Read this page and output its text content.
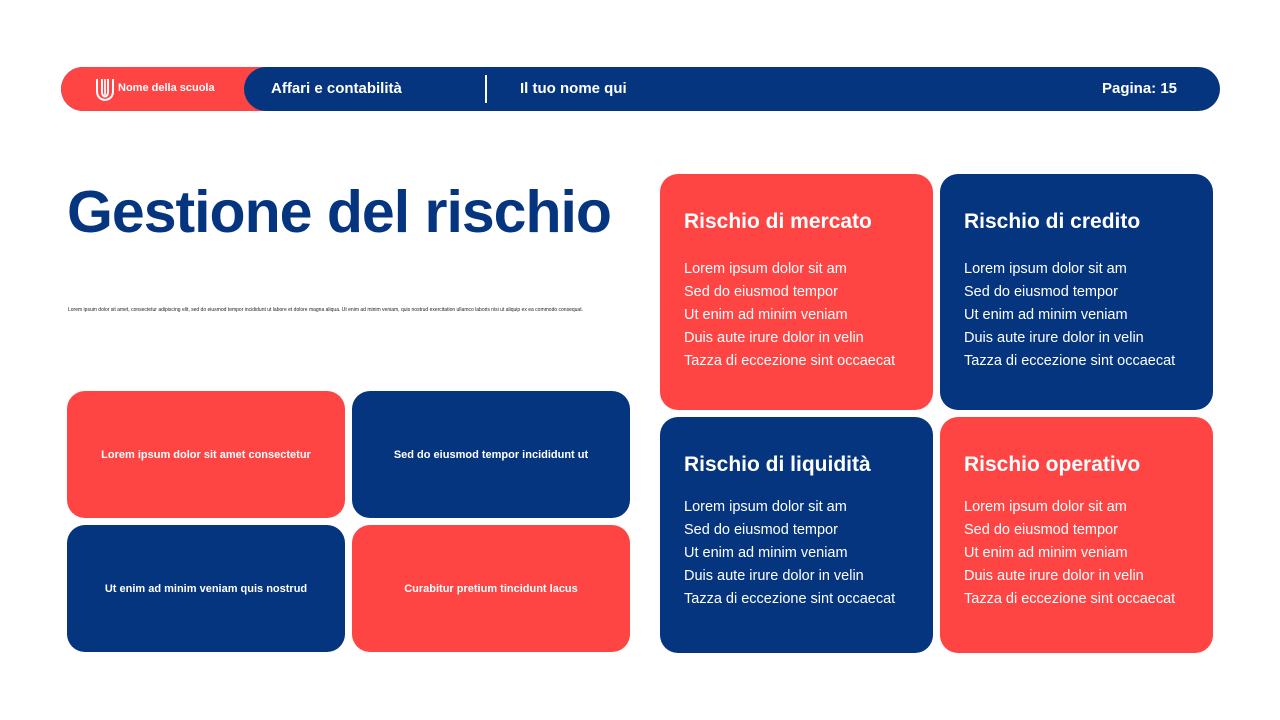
Nome della scuola	Affari e contabilità	Il tuo nome qui	Pagina: 15
Gestione del rischio

Lorem ipsum dolor sit amet, consectetur adipiscing elit, sed do eiusmod tempor incididunt ut labore et dolore magna aliqua. Ut enim ad minim veniam, quis nostrud exercitation ullamco laboris nisi ut aliquip ex ea commodo consequat.

Lorem ipsum dolor sit amet consectetur	Sed do eiusmod tempor incididunt ut
Ut enim ad minim veniam quis nostrud	Curabitur pretium tincidunt lacus
Rischio di mercato
Lorem ipsum dolor sit am
Sed do eiusmod tempor
Ut enim ad minim veniam
Duis aute irure dolor in velin
Tazza di eccezione sint occaecat
Rischio di credito
Lorem ipsum dolor sit am
Sed do eiusmod tempor
Ut enim ad minim veniam
Duis aute irure dolor in velin
Tazza di eccezione sint occaecat
Rischio di liquidità
Lorem ipsum dolor sit am
Sed do eiusmod tempor
Ut enim ad minim veniam
Duis aute irure dolor in velin
Tazza di eccezione sint occaecat
Rischio operativo
Lorem ipsum dolor sit am
Sed do eiusmod tempor
Ut enim ad minim veniam
Duis aute irure dolor in velin
Tazza di eccezione sint occaecat
